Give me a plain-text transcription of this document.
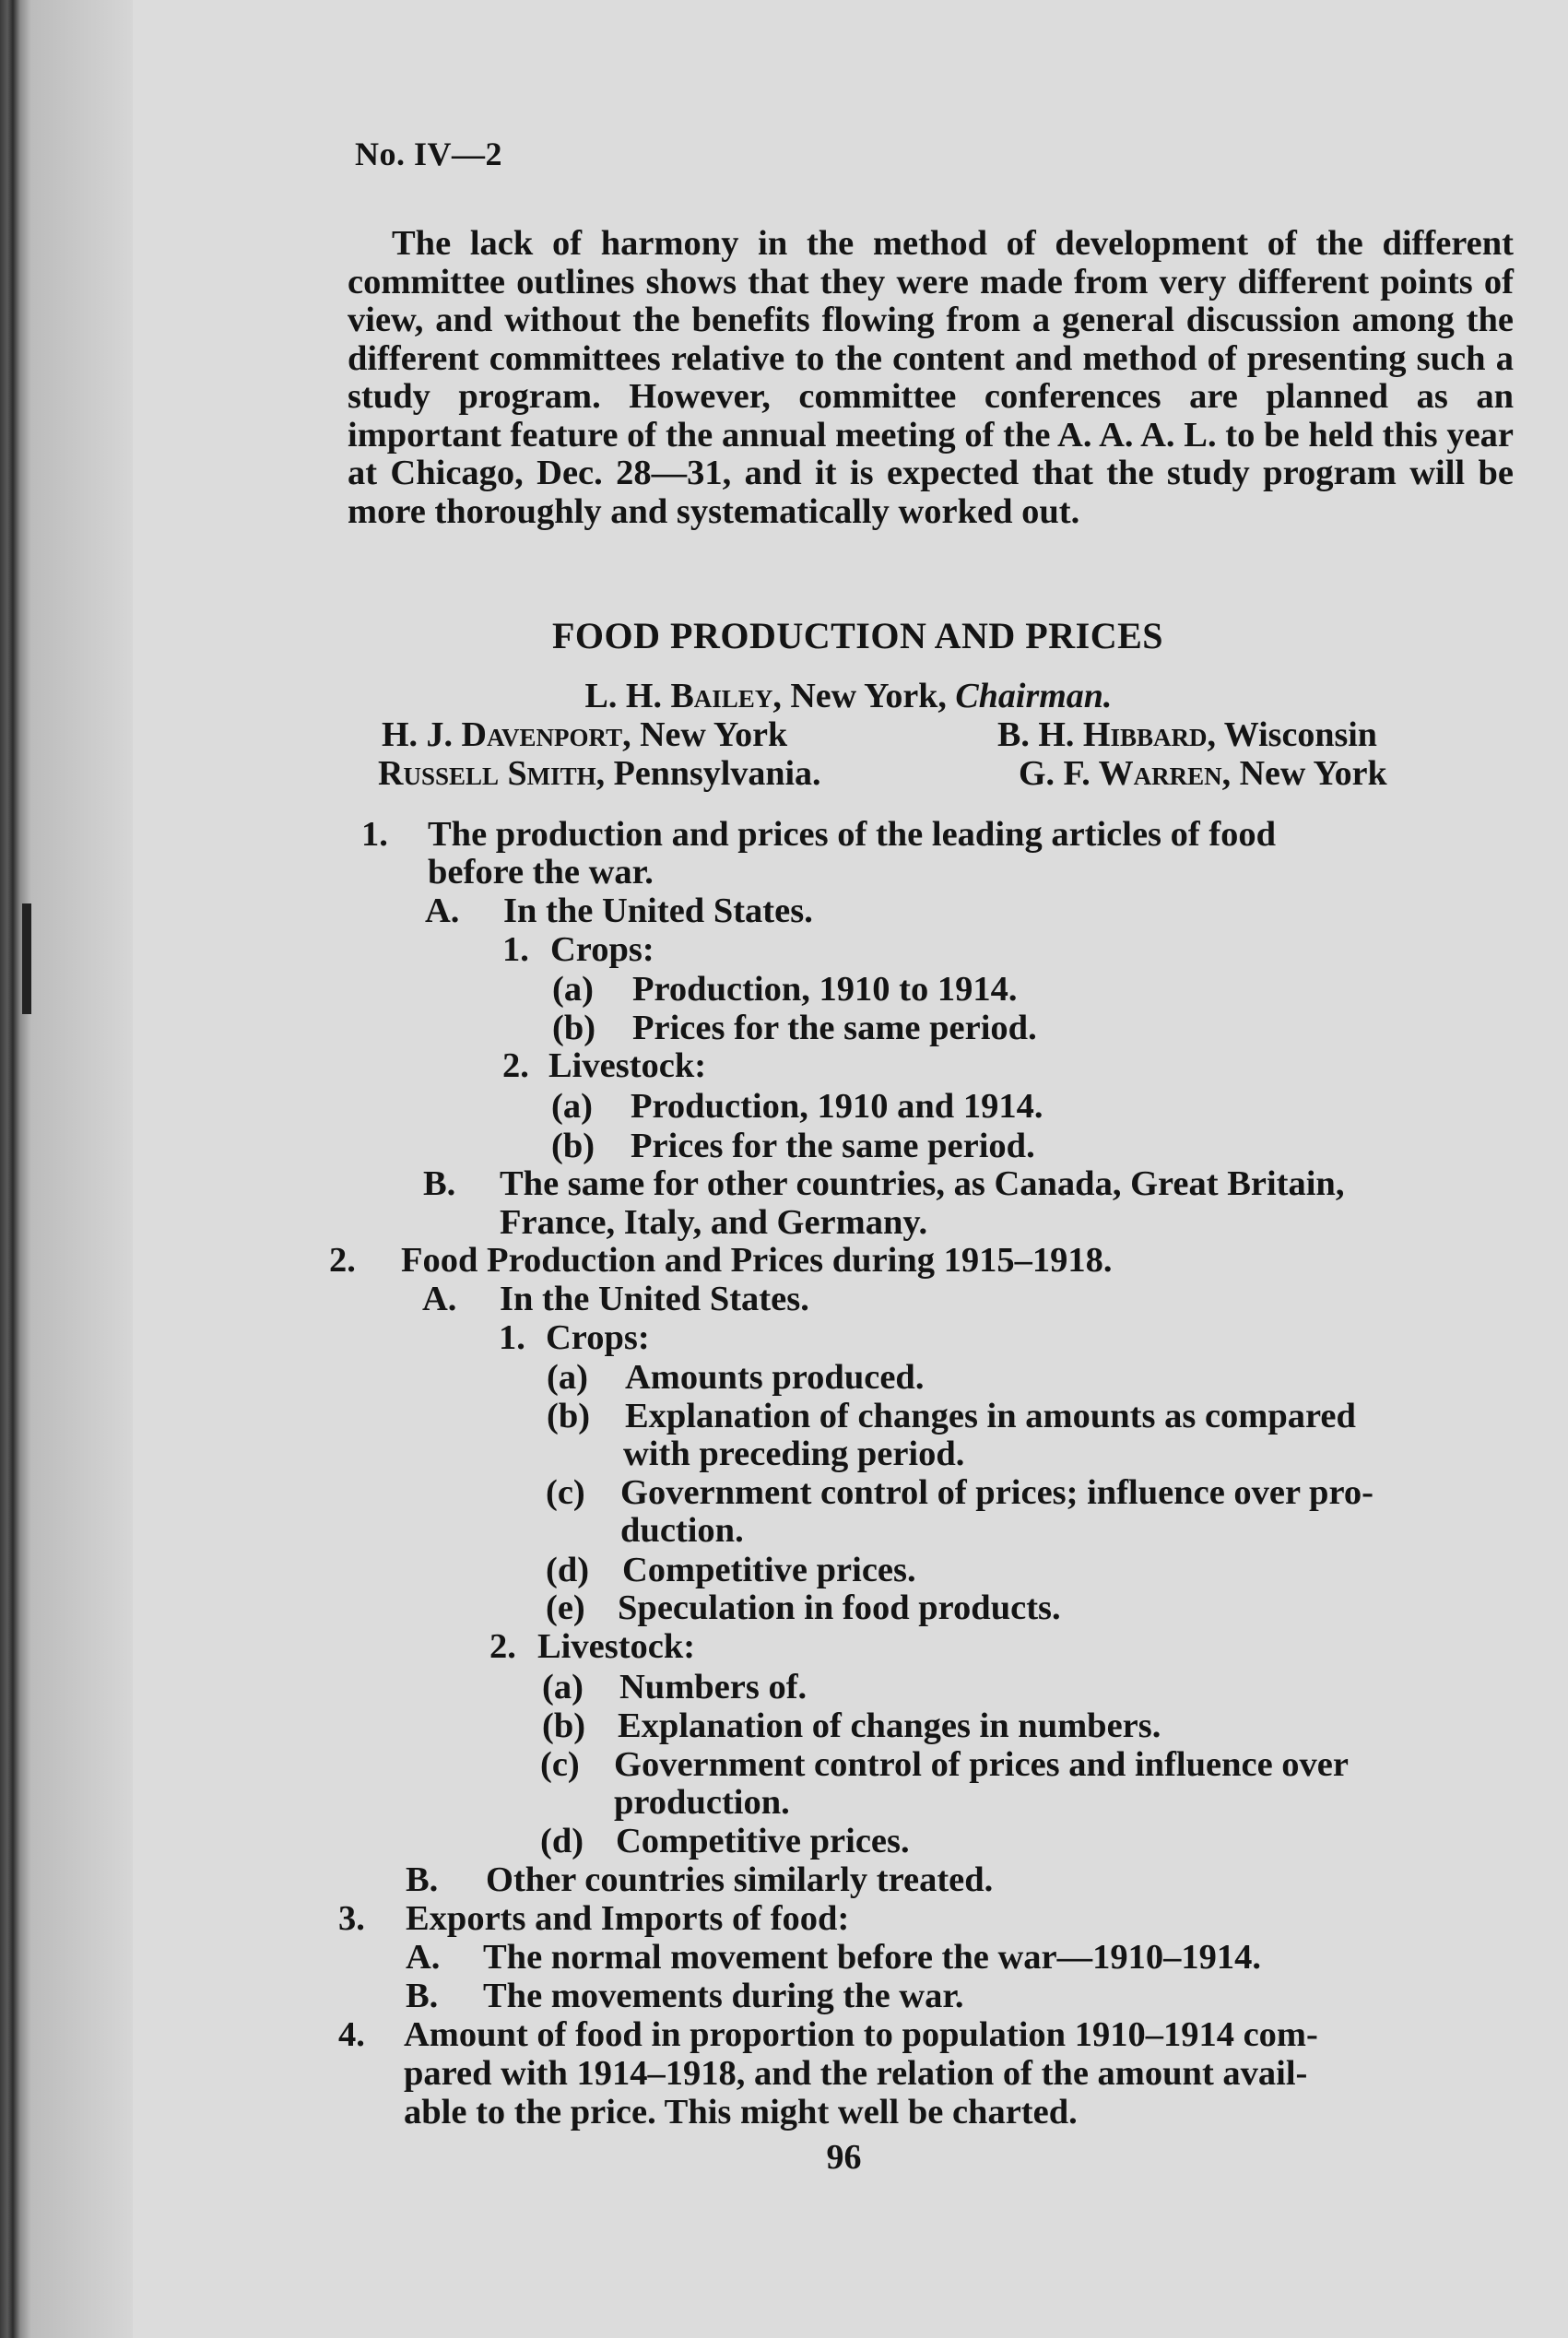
No. IV—2
The lack of harmony in the method of development of the different committee outlines shows that they were made from very different points of view, and without the benefits flowing from a general discussion among the different committees relative to the content and method of presenting such a study program. However, committee conferences are planned as an important feature of the annual meeting of the A. A. A. L. to be held this year at Chicago, Dec. 28—31, and it is expected that the study program will be more thoroughly and systematically worked out.
FOOD PRODUCTION AND PRICES
L. H. Bailey, New York, Chairman.
H. J. Davenport, New York	B. H. Hibbard, Wisconsin
Russell Smith, Pennsylvania.	G. F. Warren, New York
1. The production and prices of the leading articles of food
before the war.
A. In the United States.
1. Crops:
(a) Production, 1910 to 1914.
(b) Prices for the same period.
2. Livestock:
(a) Production, 1910 and 1914.
(b) Prices for the same period.
B. The same for other countries, as Canada, Great Britain,
France, Italy, and Germany.
2. Food Production and Prices during 1915–1918.
A. In the United States.
1. Crops:
(a) Amounts produced.
(b) Explanation of changes in amounts as compared
with preceding period.
(c) Government control of prices; influence over pro-
duction.
(d) Competitive prices.
(e) Speculation in food products.
2. Livestock:
(a) Numbers of.
(b) Explanation of changes in numbers.
(c) Government control of prices and influence over
production.
(d) Competitive prices.
B. Other countries similarly treated.
3. Exports and Imports of food:
A. The normal movement before the war—1910–1914.
B. The movements during the war.
4. Amount of food in proportion to population 1910–1914 com-
pared with 1914–1918, and the relation of the amount avail-
able to the price. This might well be charted.
96
